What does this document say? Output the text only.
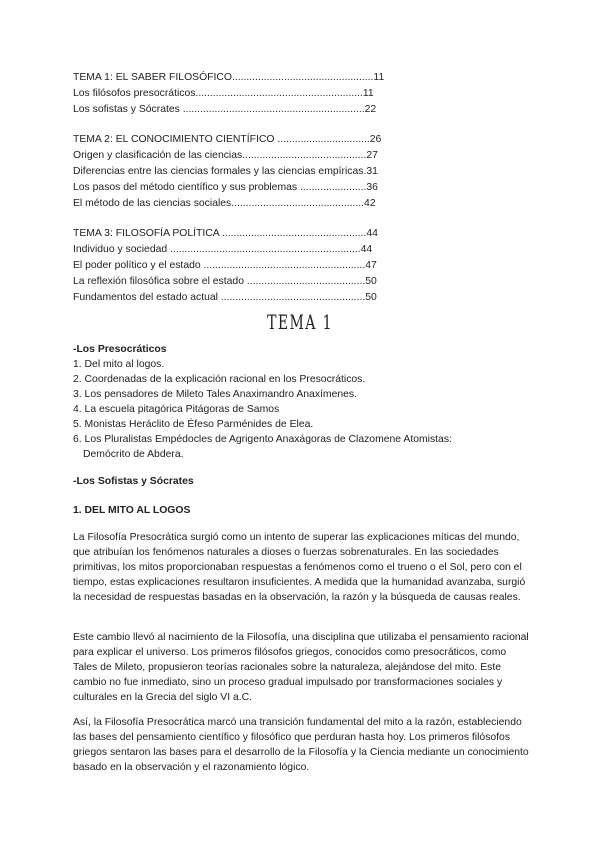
TEMA 1: EL SABER FILOSÓFICO.................................................11
Los filósofos presocráticos..........................................................11
Los sofistas y Sócrates ...............................................................22
TEMA 2: EL CONOCIMIENTO CIENTÍFICO ................................26
Origen y clasificación de las ciencias...........................................27
Diferencias entre las ciencias formales y las ciencias empíricas.31
Los pasos del método científico y sus problemas .......................36
El método de las ciencias sociales..............................................42
TEMA 3: FILOSOFÍA POLÍTICA ..................................................44
Individuo y sociedad ..................................................................44
El poder político y el estado ........................................................47
La reflexión filosófica sobre el estado .........................................50
Fundamentos del estado actual ..................................................50
TEMA 1
-Los Presocráticos
1. Del mito al logos.
2. Coordenadas de la explicación racional en los Presocráticos.
3. Los pensadores de Mileto Tales Anaximandro Anaxímenes.
4. La escuela pitagórica Pitágoras de Samos
5. Monistas Heráclito de Éfeso Parménides de Elea.
6. Los Pluralistas Empédocles de Agrigento Anaxágoras de Clazomene Atomistas:
Demócrito de Abdera.
-Los Sofistas y Sócrates
1. DEL MITO AL LOGOS

La Filosofía Presocrática surgió como un intento de superar las explicaciones míticas del mundo, que atribuían los fenómenos naturales a dioses o fuerzas sobrenaturales. En las sociedades primitivas, los mitos proporcionaban respuestas a fenómenos como el trueno o el Sol, pero con el tiempo, estas explicaciones resultaron insuficientes. A medida que la humanidad avanzaba, surgió la necesidad de respuestas basadas en la observación, la razón y la búsqueda de causas reales.

Este cambio llevó al nacimiento de la Filosofía, una disciplina que utilizaba el pensamiento racional para explicar el universo. Los primeros filósofos griegos, conocidos como presocráticos, como Tales de Mileto, propusieron teorías racionales sobre la naturaleza, alejándose del mito. Este cambio no fue inmediato, sino un proceso gradual impulsado por transformaciones sociales y culturales en la Grecia del siglo VI a.C.

Así, la Filosofía Presocrática marcó una transición fundamental del mito a la razón, estableciendo las bases del pensamiento científico y filosófico que perduran hasta hoy. Los primeros filósofos griegos sentaron las bases para el desarrollo de la Filosofía y la Ciencia mediante un conocimiento basado en la observación y el razonamiento lógico.
